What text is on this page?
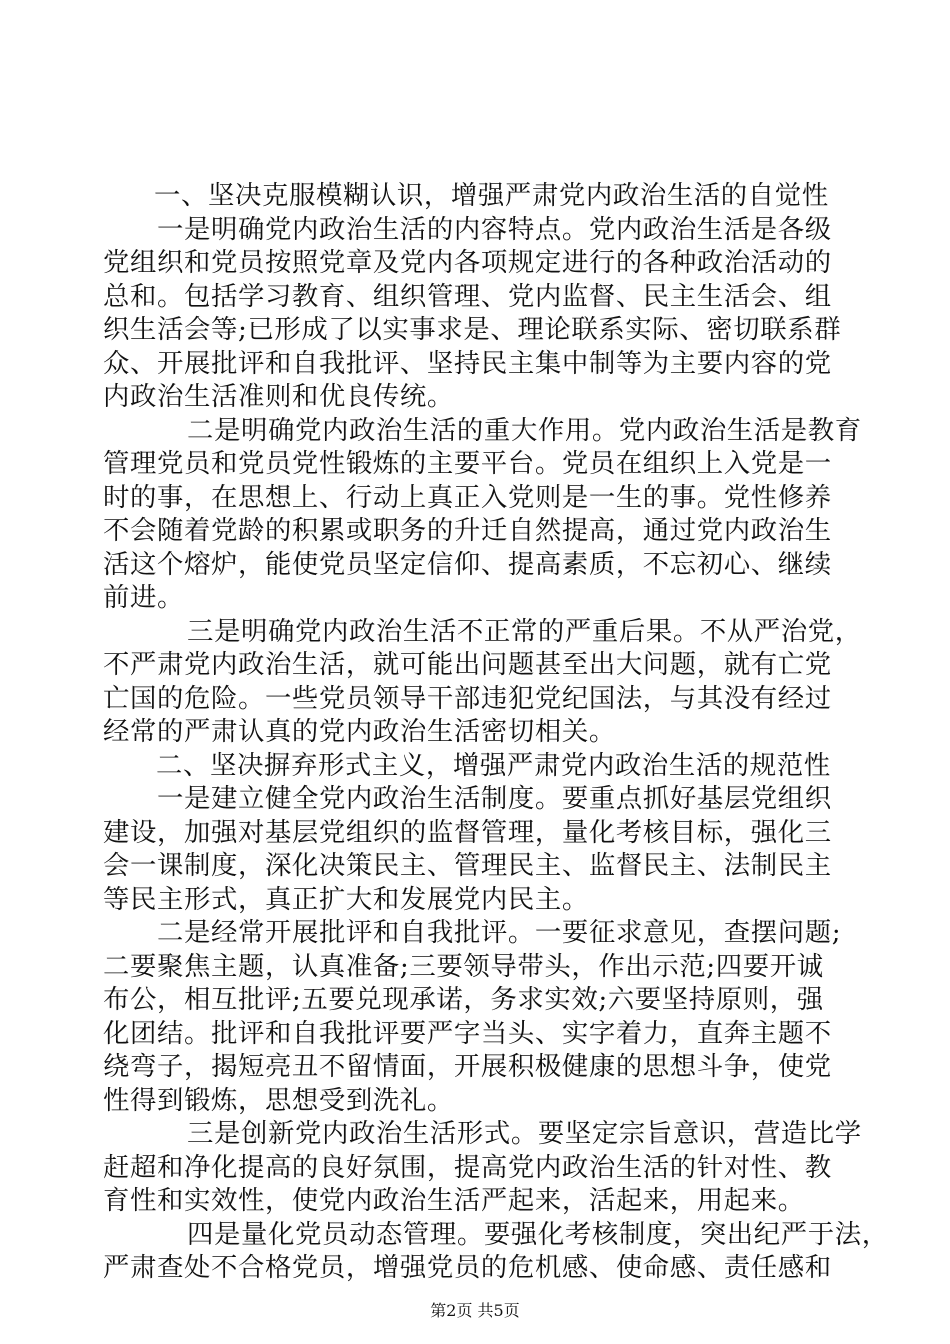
一、坚决克服模糊认识，增强严肃党内政治生活的自觉性
一是明确党内政治生活的内容特点。党内政治生活是各级
党组织和党员按照党章及党内各项规定进行的各种政治活动的
总和。包括学习教育、组织管理、党内监督、民主生活会、组
织生活会等;已形成了以实事求是、理论联系实际、密切联系群
众、开展批评和自我批评、坚持民主集中制等为主要内容的党
内政治生活准则和优良传统。
二是明确党内政治生活的重大作用。党内政治生活是教育
管理党员和党员党性锻炼的主要平台。党员在组织上入党是一
时的事，在思想上、行动上真正入党则是一生的事。党性修养
不会随着党龄的积累或职务的升迁自然提高，通过党内政治生
活这个熔炉，能使党员坚定信仰、提高素质，不忘初心、继续
前进。
三是明确党内政治生活不正常的严重后果。不从严治党，
不严肃党内政治生活，就可能出问题甚至出大问题，就有亡党
亡国的危险。一些党员领导干部违犯党纪国法，与其没有经过
经常的严肃认真的党内政治生活密切相关。
二、坚决摒弃形式主义，增强严肃党内政治生活的规范性
一是建立健全党内政治生活制度。要重点抓好基层党组织
建设，加强对基层党组织的监督管理，量化考核目标，强化三
会一课制度，深化决策民主、管理民主、监督民主、法制民主
等民主形式，真正扩大和发展党内民主。
二是经常开展批评和自我批评。一要征求意见，查摆问题;
二要聚焦主题，认真准备;三要领导带头，作出示范;四要开诚
布公，相互批评;五要兑现承诺，务求实效;六要坚持原则，强
化团结。批评和自我批评要严字当头、实字着力，直奔主题不
绕弯子，揭短亮丑不留情面，开展积极健康的思想斗争，使党
性得到锻炼，思想受到洗礼。
三是创新党内政治生活形式。要坚定宗旨意识，营造比学
赶超和净化提高的良好氛围，提高党内政治生活的针对性、教
育性和实效性，使党内政治生活严起来，活起来，用起来。
四是量化党员动态管理。要强化考核制度，突出纪严于法，
严肃查处不合格党员，增强党员的危机感、使命感、责任感和
第2页 共5页
